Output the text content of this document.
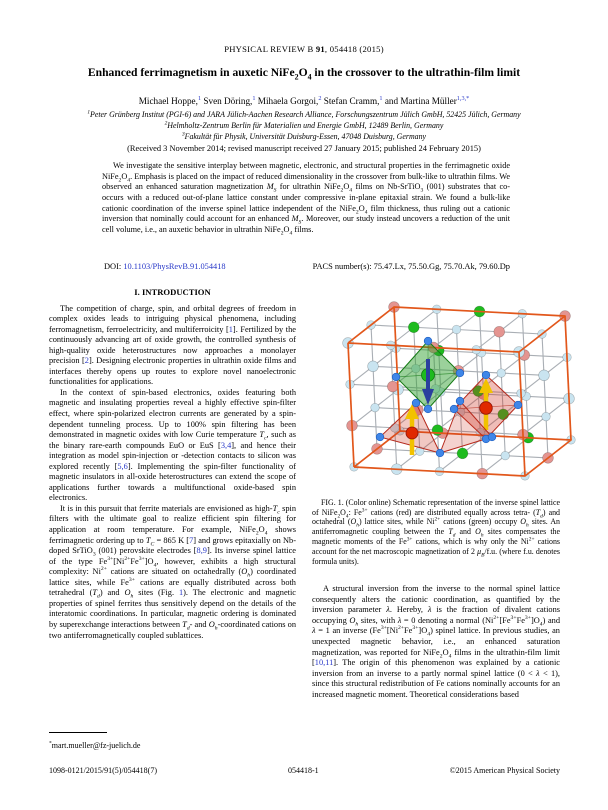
PHYSICAL REVIEW B 91, 054418 (2015)
Enhanced ferrimagnetism in auxetic $NiFe_2O_4$ in the crossover to the ultrathin-film limit
Michael Hoppe,$^1$ Sven Döring,$^1$ Mihaela Gorgoi,$^2$ Stefan Cramm,$^1$ and Martina Müller$^{1,3,*}$
$^1$Peter Grünberg Institut (PGI-6) and JARA Jülich-Aachen Research Alliance, Forschungszentrum Jülich GmbH, 52425 Jülich, Germany
$^2$Helmholtz-Zentrum Berlin für Materialien und Energie GmbH, 12489 Berlin, Germany
$^3$Fakultät für Physik, Universität Duisburg-Essen, 47048 Duisburg, Germany
(Received 3 November 2014; revised manuscript received 27 January 2015; published 24 February 2015)
We investigate the sensitive interplay between magnetic, electronic, and structural properties in the ferrimagnetic oxide $NiFe_2O_4$. Emphasis is placed on the impact of reduced dimensionality in the crossover from bulk-like to ultrathin films. We observed an enhanced saturation magnetization $M_S$ for ultrathin $NiFe_2O_4$ films on Nb-SrTiO$_3$ (001) substrates that co-occurs with a reduced out-of-plane lattice constant under compressive in-plane epitaxial strain. We found a bulk-like cationic coordination of the inverse spinel lattice independent of the $NiFe_2O_4$ film thickness, thus ruling out a cationic inversion that nominally could account for an enhanced $M_S$. Moreover, our study instead uncovers a reduction of the unit cell volume, i.e., an auxetic behavior in ultrathin $NiFe_2O_4$ films.
DOI: 10.1103/PhysRevB.91.054418	PACS number(s): 75.47.Lx, 75.50.Gg, 75.70.Ak, 79.60.Dp
I. INTRODUCTION

The competition of charge, spin, and orbital degrees of freedom in complex oxides leads to intriguing physical phenomena, including ferromagnetism, ferroelectricity, and multiferroicity [1]. Fertilized by the continuously advancing art of oxide growth, the controlled synthesis of high-quality oxide heterostructures now approaches a monolayer precision [2]. Designing electronic properties in ultrathin oxide films and interfaces thereby opens up routes to explore novel nanoelectronic functionalities for applications.

In the context of spin-based electronics, oxides featuring both magnetic and insulating properties reveal a highly effective spin-filter effect, where spin-polarized electron currents are generated by a spin-dependent tunneling process. Up to 100% spin filtering has been demonstrated in magnetic oxides with low Curie temperature $T_c$, such as the binary rare-earth compounds EuO or EuS [3,4], and hence their integration as model spin-injection or -detection contacts to silicon was explored recently [5,6]. Implementing the spin-filter functionality of magnetic insulators in all-oxide heterostructures can extend the scope of applications further towards a multifunctional oxide-based spin electronics.

It is in this pursuit that ferrite materials are envisioned as high-$T_c$ spin filters with the ultimate goal to realize efficient spin filtering for application at room temperature. For example, $NiFe_2O_4$ shows ferrimagnetic ordering up to $T_C = 865$ K [7] and grows epitaxially on Nb-doped SrTiO$_3$ (001) perovskite electrodes [8,9]. Its inverse spinel lattice of the type $Fe^{3+}[Ni^{2+}Fe^{3+}]O_4$, however, exhibits a high structural complexity: $Ni^{2+}$ cations are situated on octahedrally $(O_h)$ coordinated lattice sites, while $Fe^{3+}$ cations are equally distributed across both tetrahedral $(T_d)$ and $O_h$ sites (Fig. 1). The electronic and magnetic properties of spinel ferrites thus sensitively depend on the details of the interatomic coordinations. In particular, magnetic ordering is dominated by superexchange interactions between $T_d-$ and $O_h$-coordinated cations on two antiferromagnetically coupled sublattices.

FIG. 1. (Color online) Schematic representation of the inverse spinel lattice of $NiFe_2O_4$: $Fe^{3+}$ cations (red) are distributed equally across tetra- $(T_d)$ and octahedral $(O_h)$ lattice sites, while $Ni^{2+}$ cations (green) occupy $O_h$ sites. An antiferromagnetic coupling between the $T_d$ and $O_h$ sites compensates the magnetic moments of the $Fe^{3+}$ cations, which is why only the $Ni^{2+}$ cations account for the net macroscopic magnetization of 2 $\mu_B/f.u$. (where f.u. denotes formula units).

A structural inversion from the inverse to the normal spinel lattice consequently alters the cationic coordination, as quantified by the inversion parameter λ. Hereby, λ is the fraction of divalent cations occupying $O_h$ sites, with λ = 0 denoting a normal $(Ni^{2+}[Fe^{3+}Fe^{3+}]O_4)$ and λ = 1 an inverse $(Fe^{3+}[Ni^{2+}Fe^{3+}]O_4)$ spinel lattice. In previous studies, an unexpected magnetic behavior, i.e., an enhanced saturation magnetization, was reported for $NiFe_2O_4$ films in the ultrathin-film limit [10,11]. The origin of this phenomenon was explained by a cationic inversion from an inverse to a partly normal spinel lattice (0 < λ < 1), since this structural redistribution of Fe cations nominally accounts for an increased magnetic moment. Theoretical considerations based

*mart.mueller@fz-juelich.de
1098-0121/2015/91(5)/054418(7)	054418-1	©2015 American Physical Society
